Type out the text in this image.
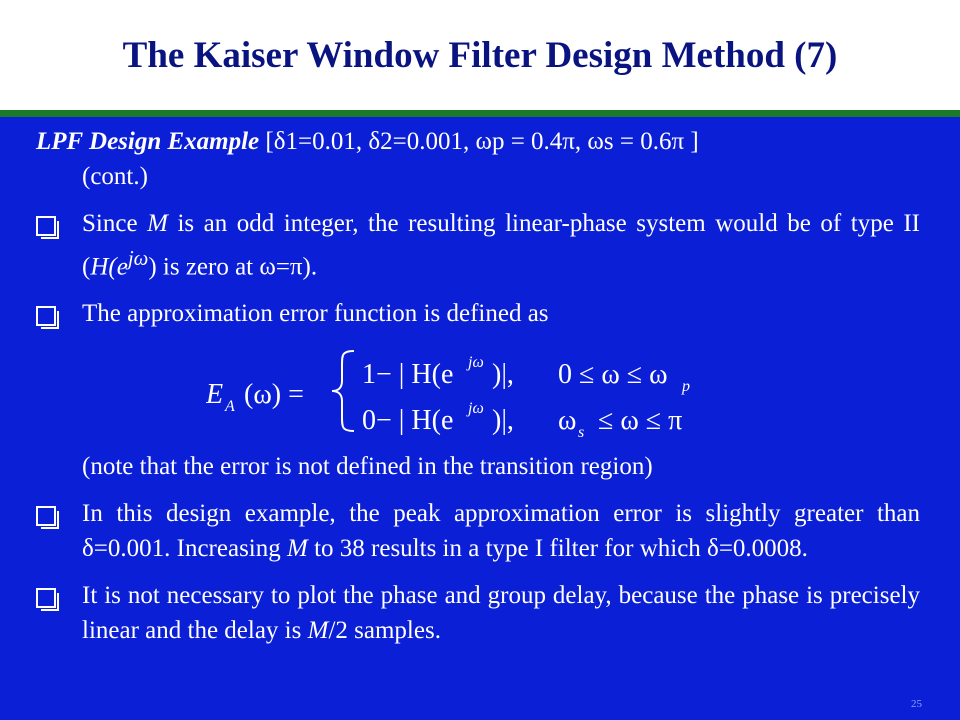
The Kaiser Window Filter Design Method (7)
LPF Design Example [δ1=0.01, δ2=0.001, ωp = 0.4π, ωs = 0.6π ]
(cont.)
Since M is an odd integer, the resulting linear-phase system would be of type II ($H(e^{j\omega})$ is zero at ω=π).
The approximation error function is defined as
E A (ω) =
1− | H(e jω )|, 0 ≤ ω ≤ ω p
0− | H(e jω )|, ω s ≤ ω ≤ π
(note that the error is not defined in the transition region)
In this design example, the peak approximation error is slightly greater than δ=0.001. Increasing M to 38 results in a type I filter for which δ=0.0008.
It is not necessary to plot the phase and group delay, because the phase is precisely linear and the delay is M/2 samples.
25
